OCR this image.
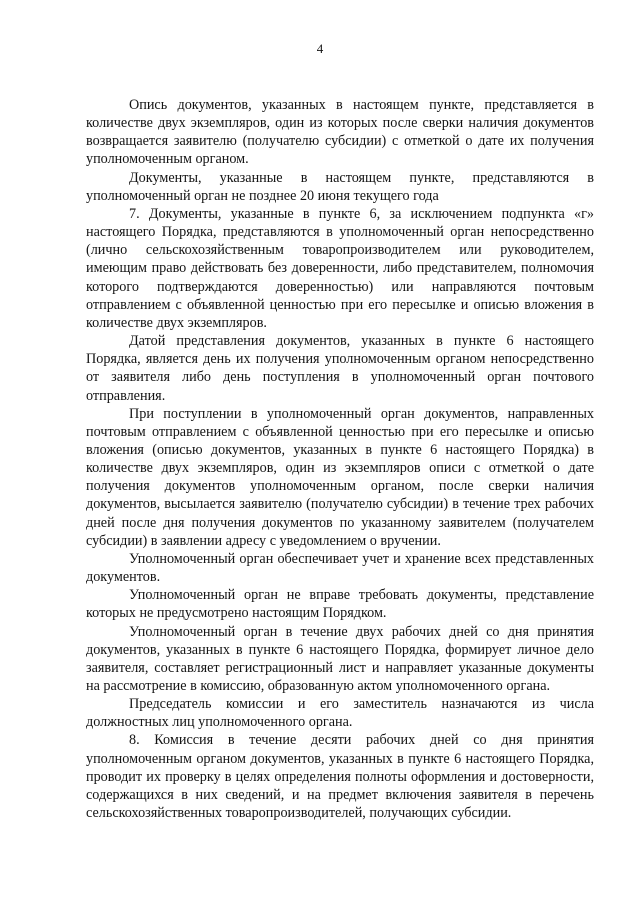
4

Опись документов, указанных в настоящем пункте, представляется в количестве двух экземпляров, один из которых после сверки наличия документов возвращается заявителю (получателю субсидии) с отметкой о дате их получения уполномоченным органом.

Документы, указанные в настоящем пункте, представляются в уполномоченный орган не позднее 20 июня текущего года

7. Документы, указанные в пункте 6, за исключением подпункта «г» настоящего Порядка, представляются в уполномоченный орган непосредственно (лично сельскохозяйственным товаропроизводителем или руководителем, имеющим право действовать без доверенности, либо представителем, полномочия которого подтверждаются доверенностью) или направляются почтовым отправлением с объявленной ценностью при его пересылке и описью вложения в количестве двух экземпляров.

Датой представления документов, указанных в пункте 6 настоящего Порядка, является день их получения уполномоченным органом непосредственно от заявителя либо день поступления в уполномоченный орган почтового отправления.

При поступлении в уполномоченный орган документов, направленных почтовым отправлением с объявленной ценностью при его пересылке и описью вложения (описью документов, указанных в пункте 6 настоящего Порядка) в количестве двух экземпляров, один из экземпляров описи с отметкой о дате получения документов уполномоченным органом, после сверки наличия документов, высылается заявителю (получателю субсидии) в течение трех рабочих дней после дня получения документов по указанному заявителем (получателем субсидии) в заявлении адресу с уведомлением о вручении.

Уполномоченный орган обеспечивает учет и хранение всех представленных документов.

Уполномоченный орган не вправе требовать документы, представление которых не предусмотрено настоящим Порядком.

Уполномоченный орган в течение двух рабочих дней со дня принятия документов, указанных в пункте 6 настоящего Порядка, формирует личное дело заявителя, составляет регистрационный лист и направляет указанные документы на рассмотрение в комиссию, образованную актом уполномоченного органа.

Председатель комиссии и его заместитель назначаются из числа должностных лиц уполномоченного органа.

8. Комиссия в течение десяти рабочих дней со дня принятия уполномоченным органом документов, указанных в пункте 6 настоящего Порядка, проводит их проверку в целях определения полноты оформления и достоверности, содержащихся в них сведений, и на предмет включения заявителя в перечень сельскохозяйственных товаропроизводителей, получающих субсидии.
